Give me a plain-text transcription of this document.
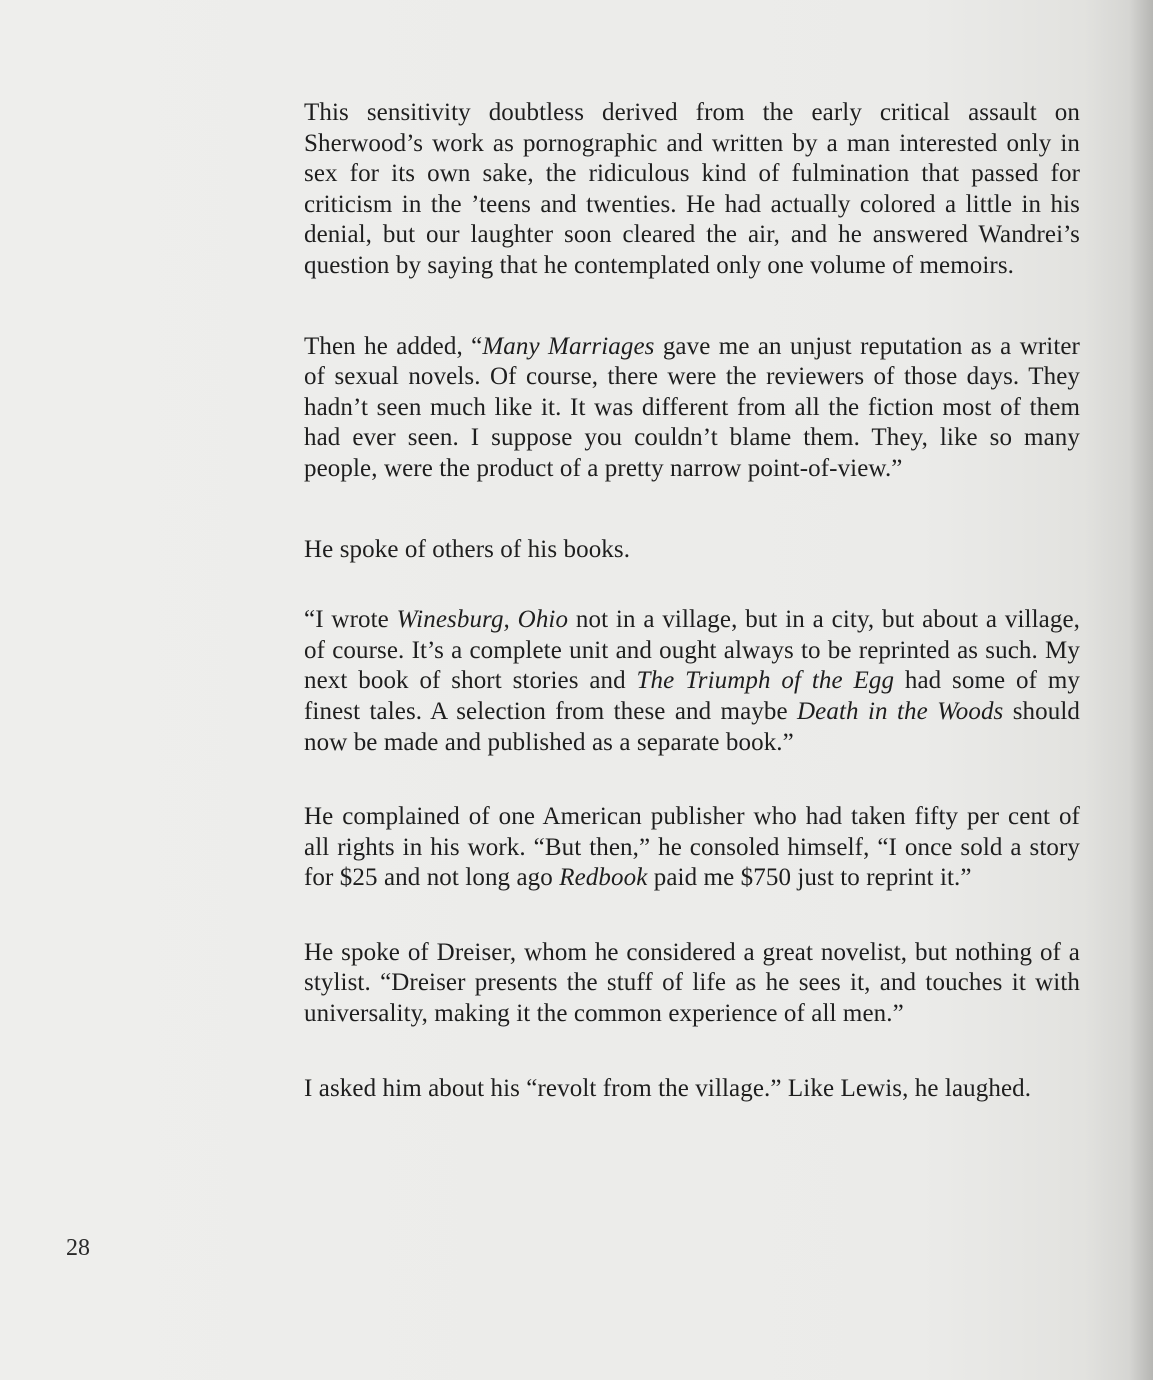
This sensitivity doubtless derived from the early critical assault on Sherwood’s work as pornographic and written by a man interested only in sex for its own sake, the ridiculous kind of fulmination that passed for criticism in the ’teens and twenties. He had actually colored a little in his denial, but our laughter soon cleared the air, and he answered Wandrei’s question by saying that he contemplated only one volume of memoirs.

Then he added, “Many Marriages gave me an unjust reputation as a writer of sexual novels. Of course, there were the reviewers of those days. They hadn’t seen much like it. It was different from all the fiction most of them had ever seen. I suppose you couldn’t blame them. They, like so many people, were the product of a pretty narrow point-of-view.”

He spoke of others of his books.

“I wrote Winesburg, Ohio not in a village, but in a city, but about a village, of course. It’s a complete unit and ought always to be reprinted as such. My next book of short stories and The Triumph of the Egg had some of my finest tales. A selection from these and maybe Death in the Woods should now be made and published as a separate book.”

He complained of one American publisher who had taken fifty per cent of all rights in his work. “But then,” he consoled himself, “I once sold a story for $25 and not long ago Redbook paid me $750 just to reprint it.”

He spoke of Dreiser, whom he considered a great novelist, but nothing of a stylist. “Dreiser presents the stuff of life as he sees it, and touches it with universality, making it the common experience of all men.”

I asked him about his “revolt from the village.” Like Lewis, he laughed.

28
